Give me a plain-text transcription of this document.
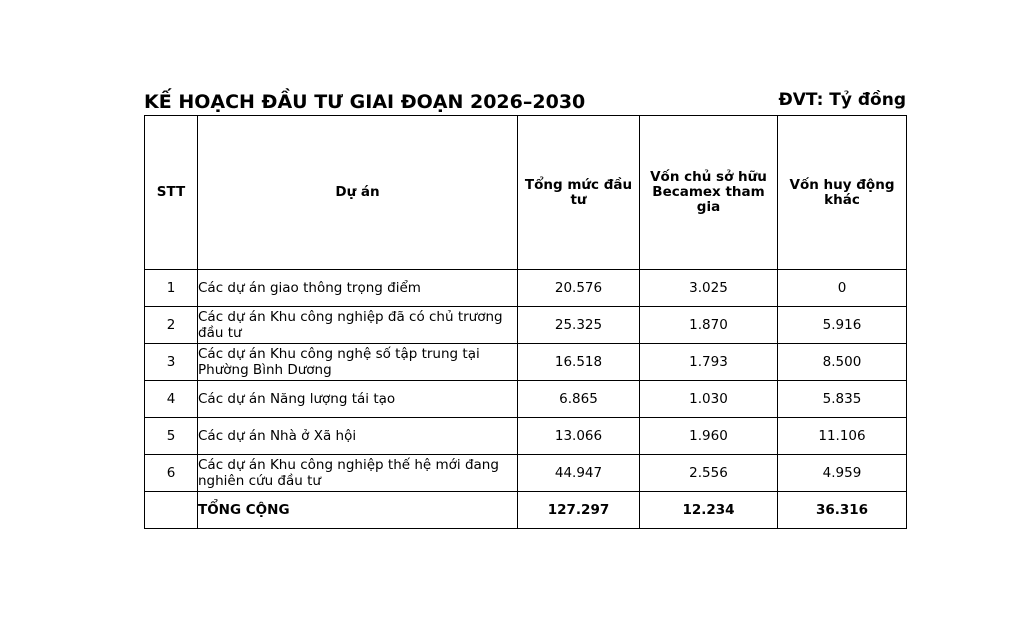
KẾ HOẠCH ĐẦU TƯ GIAI ĐOẠN 2026–2030	ĐVT: Tỷ đồng
STT	Dự án	Tổng mức đầu tư	Vốn chủ sở hữu Becamex tham gia	Vốn huy động khác
1	Các dự án giao thông trọng điểm	20.576	3.025	0
2	Các dự án Khu công nghiệp đã có chủ trương đầu tư	25.325	1.870	5.916
3	Các dự án Khu công nghệ số tập trung tại Phường Bình Dương	16.518	1.793	8.500
4	Các dự án Năng lượng tái tạo	6.865	1.030	5.835
5	Các dự án Nhà ở Xã hội	13.066	1.960	11.106
6	Các dự án Khu công nghiệp thế hệ mới đang nghiên cứu đầu tư	44.947	2.556	4.959
	TỔNG CỘNG	127.297	12.234	36.316
